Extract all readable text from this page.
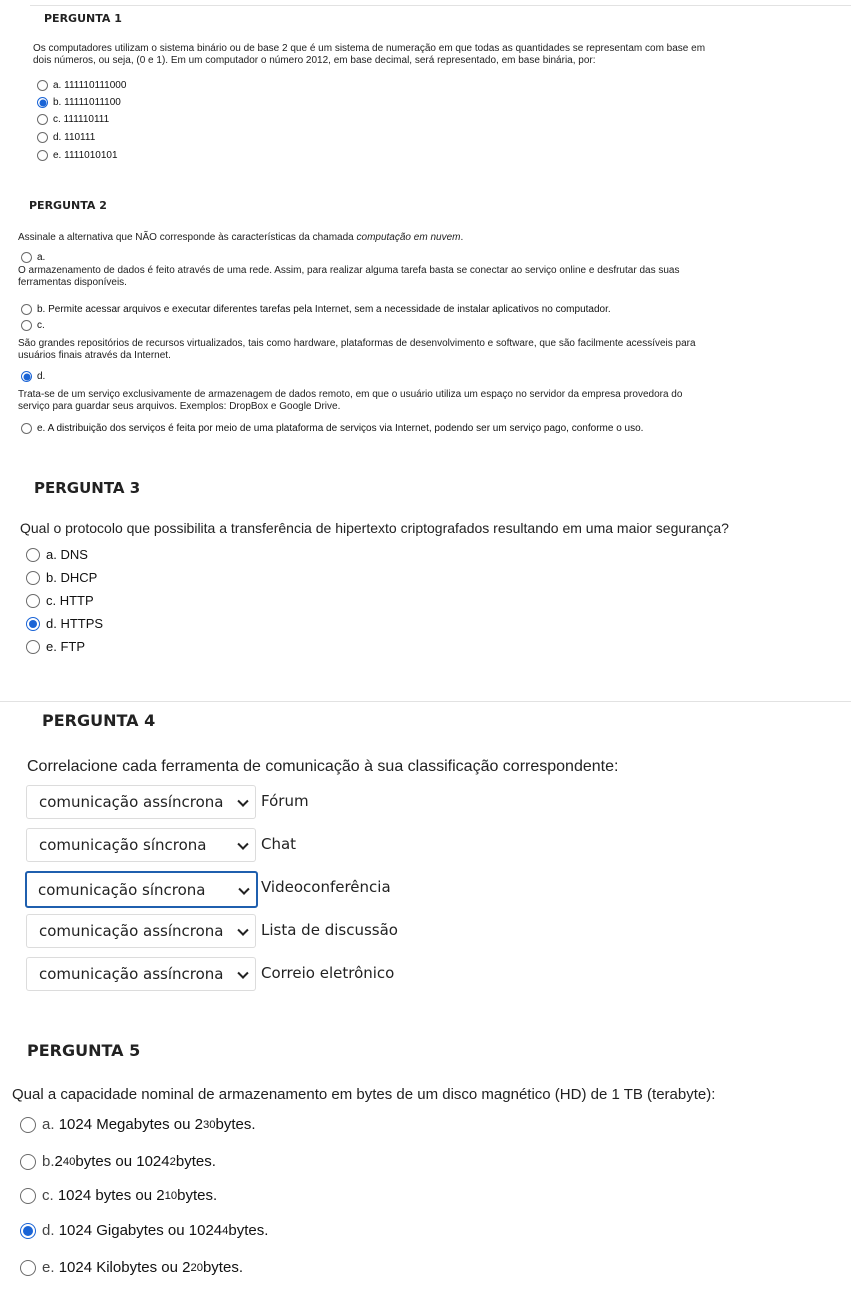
PERGUNTA 1
Os computadores utilizam o sistema binário ou de base 2 que é um sistema de numeração em que todas as quantidades se representam com base em
dois números, ou seja, (0 e 1). Em um computador o número 2012, em base decimal, será representado, em base binária, por:
a. 111110111000
b. 11111011100
c. 111110111
d. 110111
e. 1111010101
PERGUNTA 2
Assinale a alternativa que NÃO corresponde às características da chamada computação em nuvem.
a.
O armazenamento de dados é feito através de uma rede. Assim, para realizar alguma tarefa basta se conectar ao serviço online e desfrutar das suas
ferramentas disponíveis.
b. Permite acessar arquivos e executar diferentes tarefas pela Internet, sem a necessidade de instalar aplicativos no computador.
c.
São grandes repositórios de recursos virtualizados, tais como hardware, plataformas de desenvolvimento e software, que são facilmente acessíveis para
usuários finais através da Internet.
d.
Trata-se de um serviço exclusivamente de armazenagem de dados remoto, em que o usuário utiliza um espaço no servidor da empresa provedora do
serviço para guardar seus arquivos. Exemplos: DropBox e Google Drive.
e. A distribuição dos serviços é feita por meio de uma plataforma de serviços via Internet, podendo ser um serviço pago, conforme o uso.
PERGUNTA 3
Qual o protocolo que possibilita a transferência de hipertexto criptografados resultando em uma maior segurança?
a. DNS
b. DHCP
c. HTTP
d. HTTPS
e. FTP
PERGUNTA 4
Correlacione cada ferramenta de comunicação à sua classificação correspondente:
comunicação assíncrona	Fórum
comunicação síncrona	Chat
comunicação síncrona	Videoconferência
comunicação assíncrona	Lista de discussão
comunicação assíncrona	Correio eletrônico
PERGUNTA 5
Qual a capacidade nominal de armazenamento em bytes de um disco magnético (HD) de 1 TB (terabyte):
a.
1024 Megabytes ou 2 30 bytes.
b. 2 40 bytes ou 1024 2 bytes.
c.
1024 bytes ou 2 10 bytes.
d.
1024 Gigabytes ou 1024 4 bytes.
e.
1024 Kilobytes ou 2 20 bytes.
